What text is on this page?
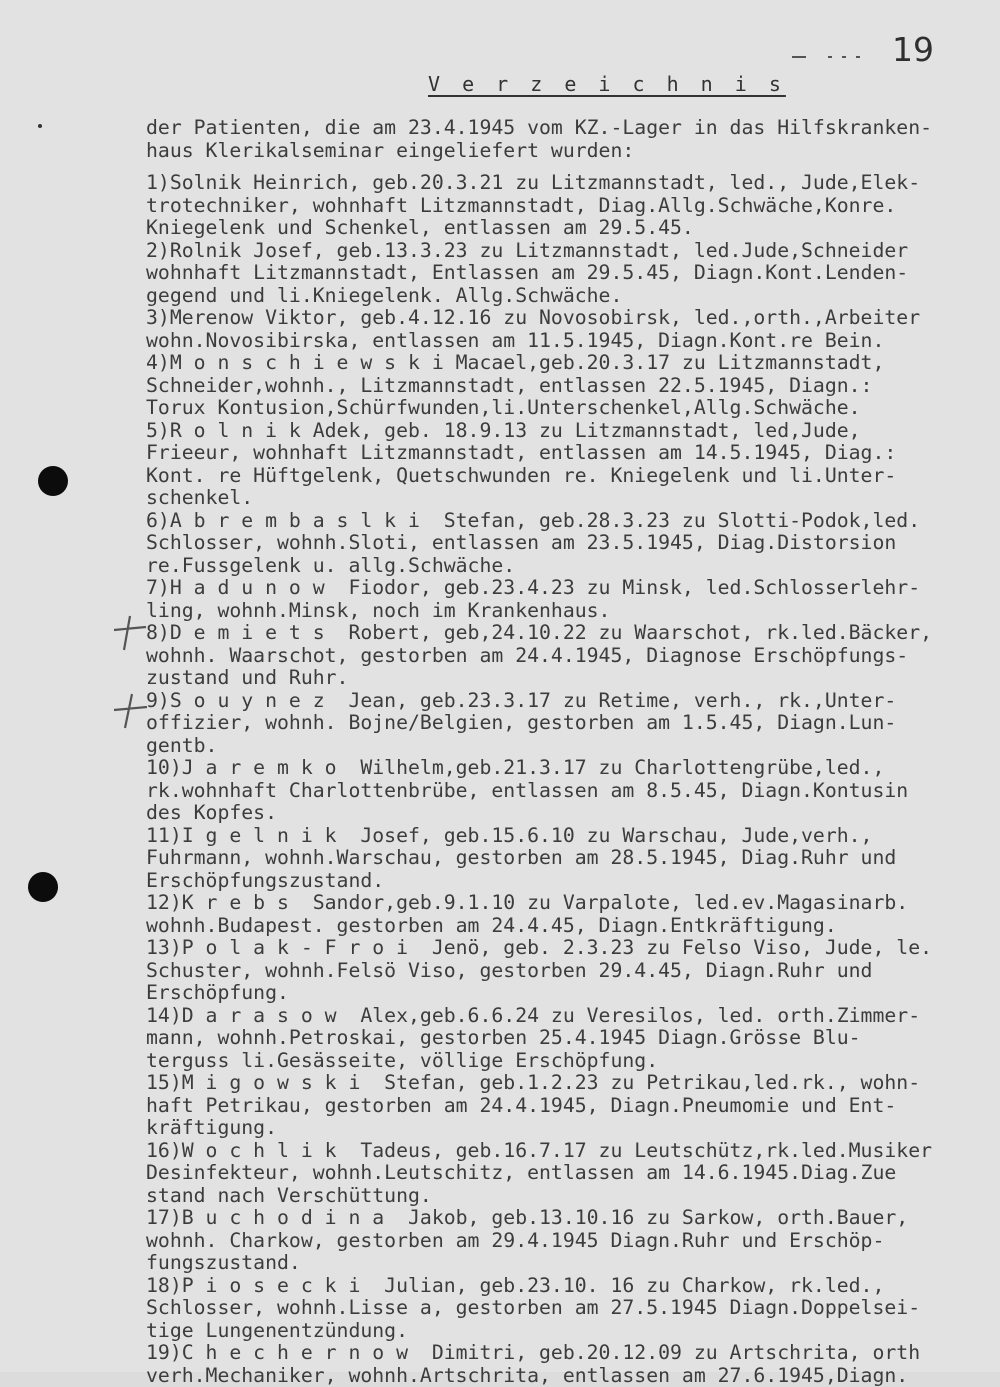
19
V e r z e i c h n i s
der Patienten, die am 23.4.1945 vom KZ.-Lager in das Hilfskranken-
haus Klerikalseminar eingeliefert wurden:
1)Solnik Heinrich, geb.20.3.21 zu Litzmannstadt, led., Jude,Elek-
trotechniker, wohnhaft Litzmannstadt, Diag.Allg.Schwäche,Konre.
Kniegelenk und Schenkel, entlassen am 29.5.45.
2)Rolnik Josef, geb.13.3.23 zu Litzmannstadt, led.Jude,Schneider
wohnhaft Litzmannstadt, Entlassen am 29.5.45, Diagn.Kont.Lenden-
gegend und li.Kniegelenk. Allg.Schwäche.
3)Merenow Viktor, geb.4.12.16 zu Novosobirsk, led.,orth.,Arbeiter
wohn.Novosibirska, entlassen am 11.5.1945, Diagn.Kont.re Bein.
4)M o n s c h i e w s k i Macael,geb.20.3.17 zu Litzmannstadt,
Schneider,wohnh., Litzmannstadt, entlassen 22.5.1945, Diagn.:
Torux Kontusion,Schürfwunden,li.Unterschenkel,Allg.Schwäche.
5)R o l n i k Adek, geb. 18.9.13 zu Litzmannstadt, led,Jude,
Frieeur, wohnhaft Litzmannstadt, entlassen am 14.5.1945, Diag.:
Kont. re Hüftgelenk, Quetschwunden re. Kniegelenk und li.Unter-
schenkel.
6)A b r e m b a s l k i  Stefan, geb.28.3.23 zu Slotti-Podok,led.
Schlosser, wohnh.Sloti, entlassen am 23.5.1945, Diag.Distorsion
re.Fussgelenk u. allg.Schwäche.
7)H a d u n o w  Fiodor, geb.23.4.23 zu Minsk, led.Schlosserlehr-
ling, wohnh.Minsk, noch im Krankenhaus.
8)D e m i e t s  Robert, geb,24.10.22 zu Waarschot, rk.led.Bäcker,
wohnh. Waarschot, gestorben am 24.4.1945, Diagnose Erschöpfungs-
zustand und Ruhr.
9)S o u y n e z  Jean, geb.23.3.17 zu Retime, verh., rk.,Unter-
offizier, wohnh. Bojne/Belgien, gestorben am 1.5.45, Diagn.Lun-
gentb.
10)J a r e m k o  Wilhelm,geb.21.3.17 zu Charlottengrübe,led.,
rk.wohnhaft Charlottenbrübe, entlassen am 8.5.45, Diagn.Kontusin
des Kopfes.
11)I g e l n i k  Josef, geb.15.6.10 zu Warschau, Jude,verh.,
Fuhrmann, wohnh.Warschau, gestorben am 28.5.1945, Diag.Ruhr und
Erschöpfungszustand.
12)K r e b s  Sandor,geb.9.1.10 zu Varpalote, led.ev.Magasinarb.
wohnh.Budapest. gestorben am 24.4.45, Diagn.Entkräftigung.
13)P o l a k - F r o i  Jenö, geb. 2.3.23 zu Felso Viso, Jude, le.
Schuster, wohnh.Felsö Viso, gestorben 29.4.45, Diagn.Ruhr und
Erschöpfung.
14)D a r a s o w  Alex,geb.6.6.24 zu Veresilos, led. orth.Zimmer-
mann, wohnh.Petroskai, gestorben 25.4.1945 Diagn.Grösse Blu-
terguss li.Gesässeite, völlige Erschöpfung.
15)M i g o w s k i  Stefan, geb.1.2.23 zu Petrikau,led.rk., wohn-
haft Petrikau, gestorben am 24.4.1945, Diagn.Pneumomie und Ent-
kräftigung.
16)W o c h l i k  Tadeus, geb.16.7.17 zu Leutschütz,rk.led.Musiker
Desinfekteur, wohnh.Leutschitz, entlassen am 14.6.1945.Diag.Zue
stand nach Verschüttung.
17)B u c h o d i n a  Jakob, geb.13.10.16 zu Sarkow, orth.Bauer,
wohnh. Charkow, gestorben am 29.4.1945 Diagn.Ruhr und Erschöp-
fungszustand.
18)P i o s e c k i  Julian, geb.23.10. 16 zu Charkow, rk.led.,
Schlosser, wohnh.Lisse a, gestorben am 27.5.1945 Diagn.Doppelsei-
tige Lungenentzündung.
19)C h e c h e r n o w  Dimitri, geb.20.12.09 zu Artschrita, orth
verh.Mechaniker, wohnh.Artschrita, entlassen am 27.6.1945,Diagn.
